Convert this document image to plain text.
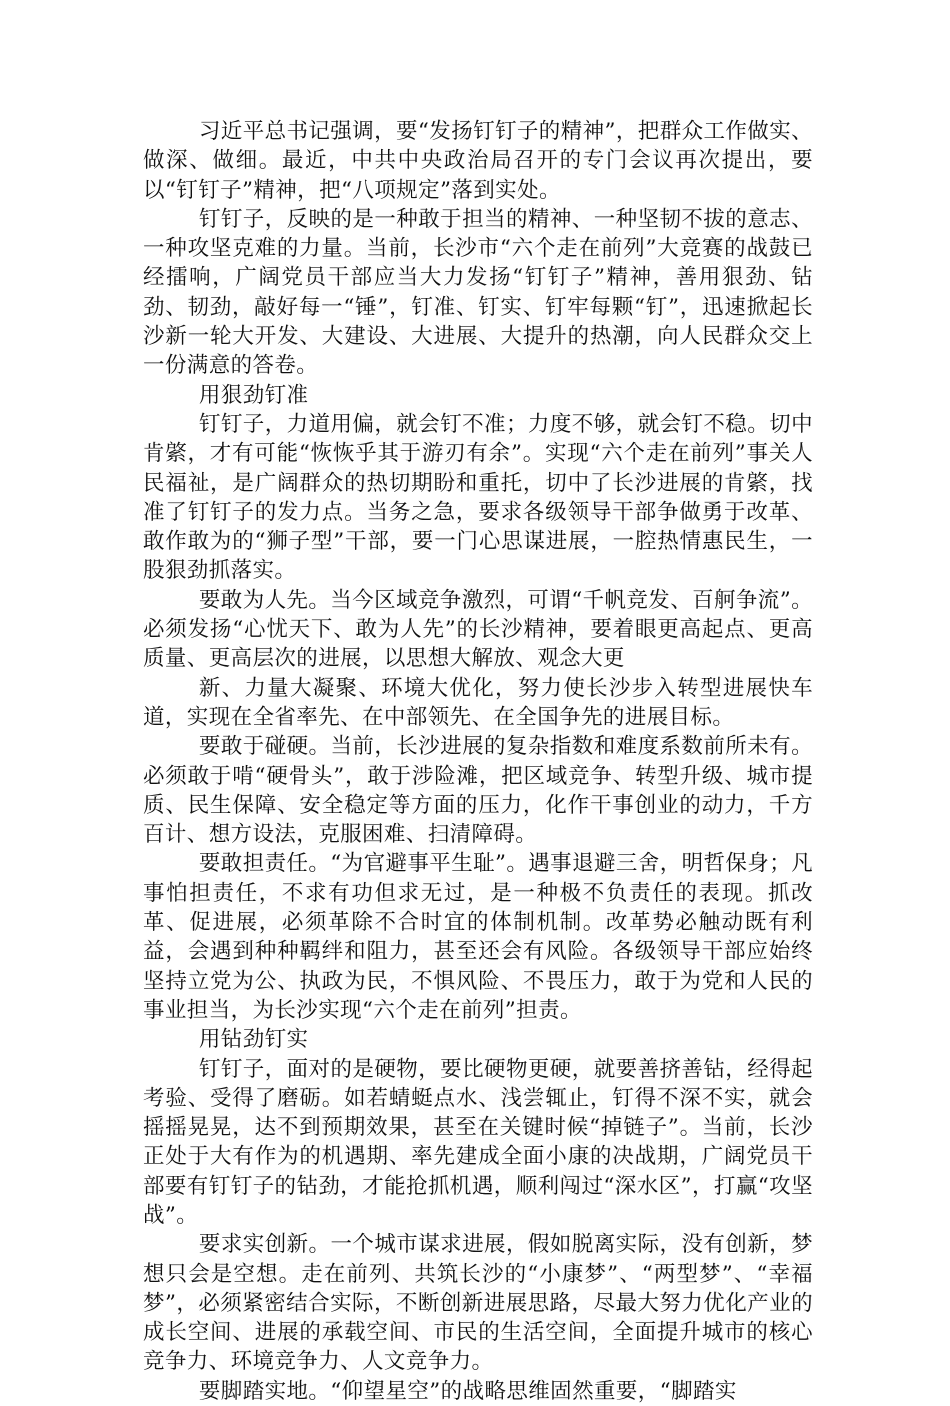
习近平总书记强调，要“发扬钉钉子的精神”，把群众工作做实、做深、做细。最近，中共中央政治局召开的专门会议再次提出，要以“钉钉子”精神，把“八项规定”落到实处。

钉钉子，反映的是一种敢于担当的精神、一种坚韧不拔的意志、一种攻坚克难的力量。当前，长沙市“六个走在前列”大竞赛的战鼓已经擂响，广阔党员干部应当大力发扬“钉钉子”精神，善用狠劲、钻劲、韧劲，敲好每一“锤”，钉准、钉实、钉牢每颗“钉”，迅速掀起长沙新一轮大开发、大建设、大进展、大提升的热潮，向人民群众交上一份满意的答卷。

用狠劲钉准

钉钉子，力道用偏，就会钉不准；力度不够，就会钉不稳。切中肯綮，才有可能“恢恢乎其于游刃有余”。实现“六个走在前列”事关人民福祉，是广阔群众的热切期盼和重托，切中了长沙进展的肯綮，找准了钉钉子的发力点。当务之急，要求各级领导干部争做勇于改革、敢作敢为的“狮子型”干部，要一门心思谋进展，一腔热情惠民生，一股狠劲抓落实。

要敢为人先。当今区域竞争激烈，可谓“千帆竞发、百舸争流”。必须发扬“心忧天下、敢为人先”的长沙精神，要着眼更高起点、更高质量、更高层次的进展，以思想大解放、观念大更

新、力量大凝聚、环境大优化，努力使长沙步入转型进展快车道，实现在全省率先、在中部领先、在全国争先的进展目标。

要敢于碰硬。当前，长沙进展的复杂指数和难度系数前所未有。必须敢于啃“硬骨头”，敢于涉险滩，把区域竞争、转型升级、城市提质、民生保障、安全稳定等方面的压力，化作干事创业的动力，千方百计、想方设法，克服困难、扫清障碍。

要敢担责任。“为官避事平生耻”。遇事退避三舍，明哲保身；凡事怕担责任，不求有功但求无过，是一种极不负责任的表现。抓改革、促进展，必须革除不合时宜的体制机制。改革势必触动既有利益，会遇到种种羁绊和阻力，甚至还会有风险。各级领导干部应始终坚持立党为公、执政为民，不惧风险、不畏压力，敢于为党和人民的事业担当，为长沙实现“六个走在前列”担责。

用钻劲钉实

钉钉子，面对的是硬物，要比硬物更硬，就要善挤善钻，经得起考验、受得了磨砺。如若蜻蜓点水、浅尝辄止，钉得不深不实，就会摇摇晃晃，达不到预期效果，甚至在关键时候“掉链子”。当前，长沙正处于大有作为的机遇期、率先建成全面小康的决战期，广阔党员干部要有钉钉子的钻劲，才能抢抓机遇，顺利闯过“深水区”，打赢“攻坚战”。

要求实创新。一个城市谋求进展，假如脱离实际，没有创新，梦想只会是空想。走在前列、共筑长沙的“小康梦”、“两型梦”、“幸福梦”，必须紧密结合实际，不断创新进展思路，尽最大努力优化产业的成长空间、进展的承载空间、市民的生活空间，全面提升城市的核心竞争力、环境竞争力、人文竞争力。

要脚踏实地。“仰望星空”的战略思维固然重要，“脚踏实
